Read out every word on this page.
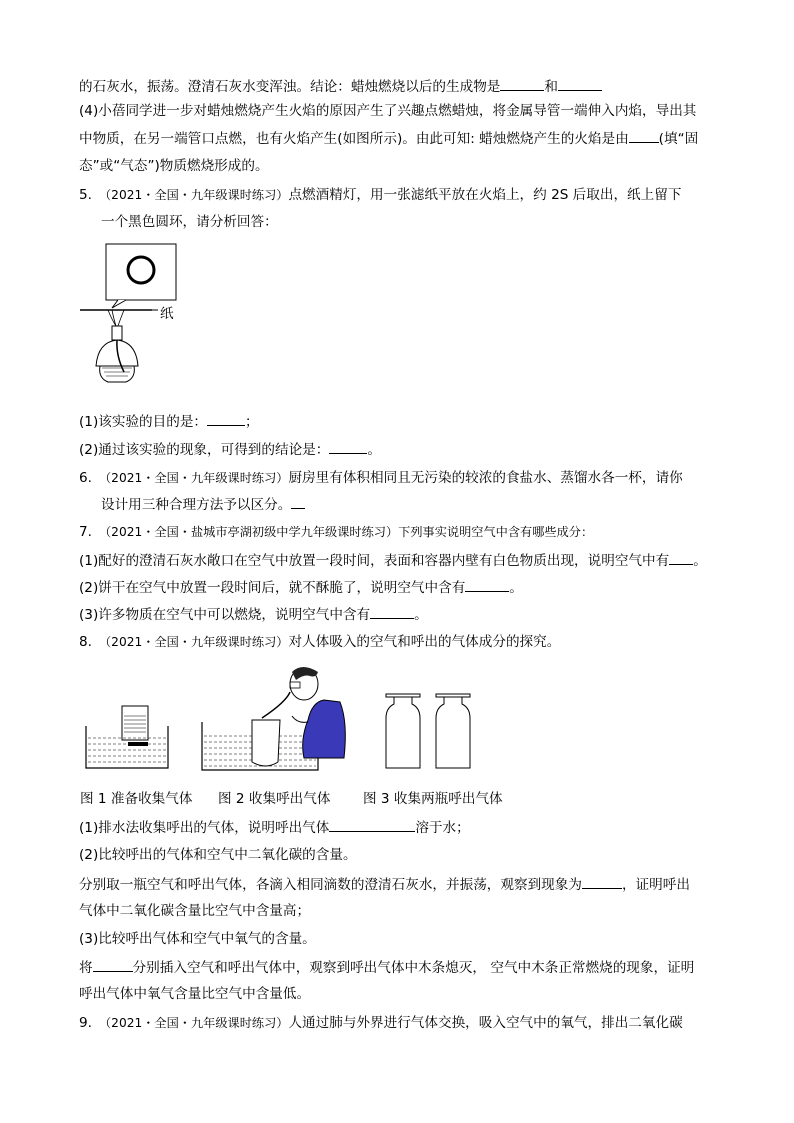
的石灰水，振荡。澄清石灰水变浑浊。结论：蜡烛燃烧以后的生成物是	和
(4)小蓓同学进一步对蜡烛燃烧产生火焰的原因产生了兴趣点燃蜡烛，将金属导管一端伸入内焰，导出其
中物质，在另一端管口点燃，也有火焰产生(如图所示)。由此可知: 蜡烛燃烧产生的火焰是由 (填“固
态”或“气态”)物质燃烧形成的。
5. （2021・全国・九年级课时练习）点燃酒精灯，用一张滤纸平放在火焰上，约 2S 后取出，纸上留下
一个黑色圆环，请分析回答：
纸
(1)该实验的目的是：	；
(2)通过该实验的现象，可得到的结论是：	。
6. （2021・全国・九年级课时练习）厨房里有体积相同且无污染的较浓的食盐水、蒸馏水各一杯，请你
设计用三种合理方法予以区分。
7. （2021・全国・盐城市亭湖初级中学九年级课时练习）下列事实说明空气中含有哪些成分：
(1)配好的澄清石灰水敞口在空气中放置一段时间，表面和容器内壁有白色物质出现，说明空气中有 。
(2)饼干在空气中放置一段时间后，就不酥脆了，说明空气中含有	。
(3)许多物质在空气中可以燃烧，说明空气中含有	。
8. （2021・全国・九年级课时练习）对人体吸入的空气和呼出的气体成分的探究。
图 1 准备收集气体 图 2 收集呼出气体 图 3 收集两瓶呼出气体
(1)排水法收集呼出的气体，说明呼出气体	溶于水；
(2)比较呼出的气体和空气中二氧化碳的含量。
分别取一瓶空气和呼出气体，各滴入相同滴数的澄清石灰水，并振荡，观察到现象为	，证明呼出
气体中二氧化碳含量比空气中含量高；
(3)比较呼出气体和空气中氧气的含量。
将	分别插入空气和呼出气体中，观察到呼出气体中木条熄灭， 空气中木条正常燃烧的现象，证明
呼出气体中氧气含量比空气中含量低。
9. （2021・全国・九年级课时练习）人通过肺与外界进行气体交换，吸入空气中的氧气，排出二氧化碳
